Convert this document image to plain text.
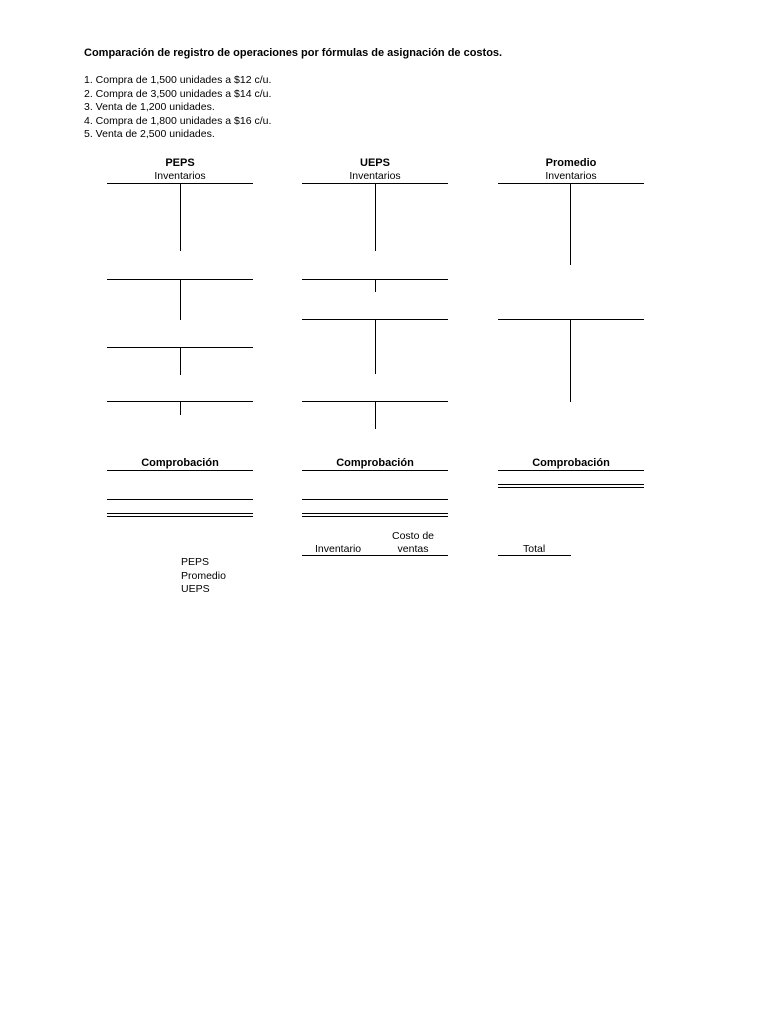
Comparación de registro de operaciones por fórmulas de asignación de costos.
1. Compra de 1,500 unidades a $12 c/u.
2. Compra de 3,500 unidades a $14 c/u.
3. Venta de 1,200 unidades.
4. Compra de 1,800 unidades a $16 c/u.
5. Venta de 2,500 unidades.
PEPS
Inventarios
UEPS
Inventarios
Promedio
Inventarios
Comprobación	Comprobación	Comprobación
Costo de
Inventario	ventas	Total
PEPS
Promedio
UEPS
